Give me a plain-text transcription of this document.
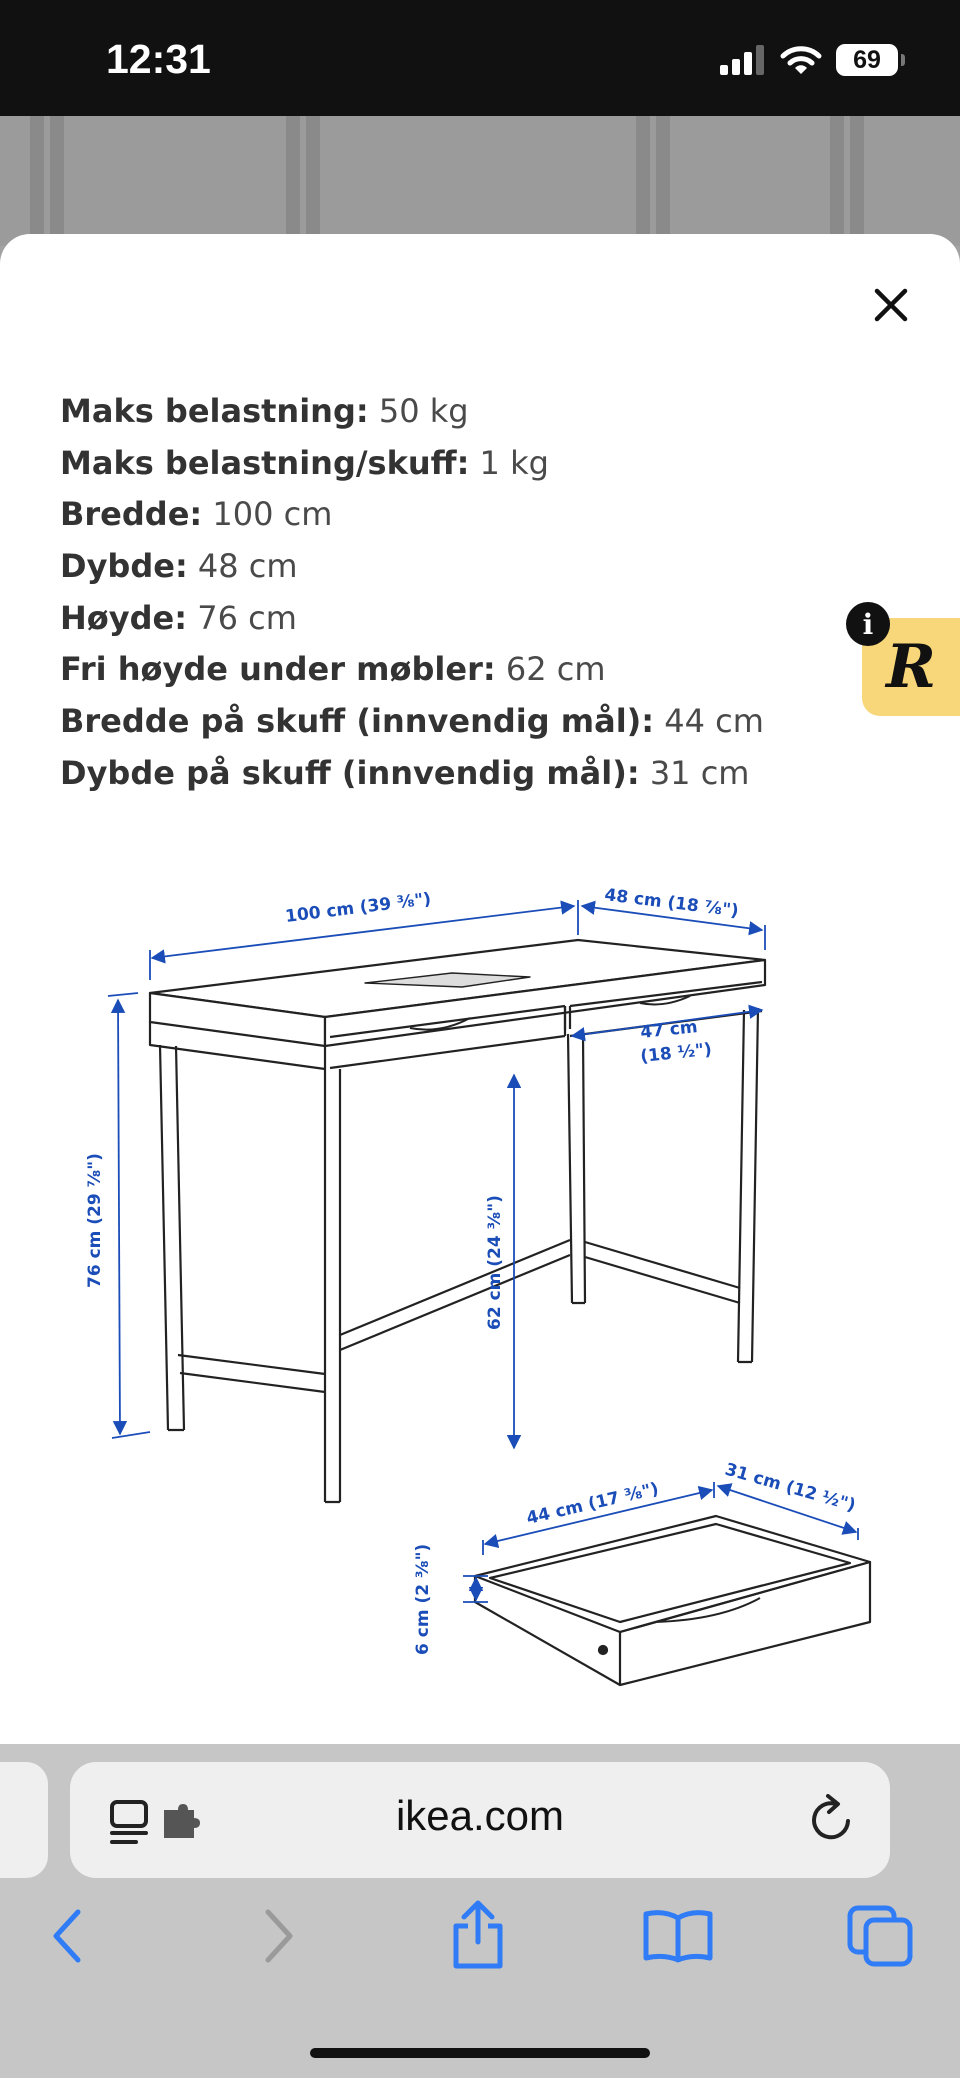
12:31	69
Maks belastning: 50 kg
Maks belastning/skuff: 1 kg
Bredde: 100 cm
Dybde: 48 cm
Høyde: 76 cm
Fri høyde under møbler: 62 cm
Bredde på skuff (innvendig mål): 44 cm
Dybde på skuff (innvendig mål): 31 cm
R
i
100 cm (39 ⅜")	48 cm (18 ⅞")
47 cm
(18 ½")
76 cm (29 ⅞")	62 cm (24 ⅜")
44 cm (17 ⅜")	31 cm (12 ½")
6 cm (2 ⅜")
ikea.com
